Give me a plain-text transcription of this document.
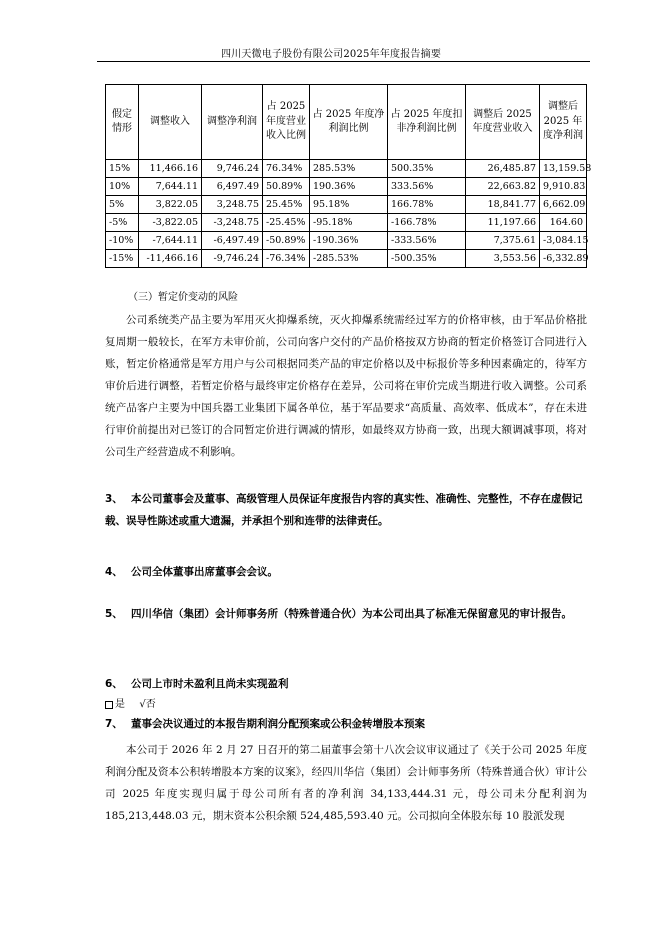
四川天微电子股份有限公司2025年年度报告摘要
假定情形	调整收入	调整净利润	占 2025 年度营业收入比例	占 2025 年度净利润比例	占 2025 年度扣非净利润比例	调整后 2025 年度营业收入	调整后 2025 年度净利润
15%	11,466.16	9,746.24	76.34%	285.53%	500.35%	26,485.87	13,159.58
10%	7,644.11	6,497.49	50.89%	190.36%	333.56%	22,663.82	9,910.83
5%	3,822.05	3,248.75	25.45%	95.18%	166.78%	18,841.77	6,662.09
-5%	-3,822.05	-3,248.75	-25.45%	-95.18%	-166.78%	11,197.66	164.60
-10%	-7,644.11	-6,497.49	-50.89%	-190.36%	-333.56%	7,375.61	-3,084.15
-15%	-11,466.16	-9,746.24	-76.34%	-285.53%	-500.35%	3,553.56	-6,332.89
（三）暂定价变动的风险

公司系统类产品主要为军用灭火抑爆系统，灭火抑爆系统需经过军方的价格审核，由于军品价格批复周期一般较长，在军方未审价前，公司向客户交付的产品价格按双方协商的暂定价格签订合同进行入账，暂定价格通常是军方用户与公司根据同类产品的审定价格以及中标报价等多种因素确定的，待军方审价后进行调整，若暂定价格与最终审定价格存在差异，公司将在审价完成当期进行收入调整。公司系统产品客户主要为中国兵器工业集团下属各单位，基于军品要求“高质量、高效率、低成本”，存在未进行审价前提出对已签订的合同暂定价进行调减的情形，如最终双方协商一致，出现大额调减事项，将对公司生产经营造成不利影响。

3、 本公司董事会及董事、高级管理人员保证年度报告内容的真实性、准确性、完整性，不存在虚假记载、误导性陈述或重大遗漏，并承担个别和连带的法律责任。

4、 公司全体董事出席董事会会议。

5、 四川华信（集团）会计师事务所（特殊普通合伙）为本公司出具了标准无保留意见的审计报告。

6、 公司上市时未盈利且尚未实现盈利

是 √否

7、 董事会决议通过的本报告期利润分配预案或公积金转增股本预案

本公司于 2026 年 2 月 27 日召开的第二届董事会第十八次会议审议通过了《关于公司 2025 年度利润分配及资本公积转增股本方案的议案》，经四川华信（集团）会计师事务所（特殊普通合伙）审计公司 2025 年度实现归属于母公司所有者的净利润 34,133,444.31 元，母公司未分配利润为 185,213,448.03 元，期末资本公积余额 524,485,593.40 元。公司拟向全体股东每 10 股派发现
